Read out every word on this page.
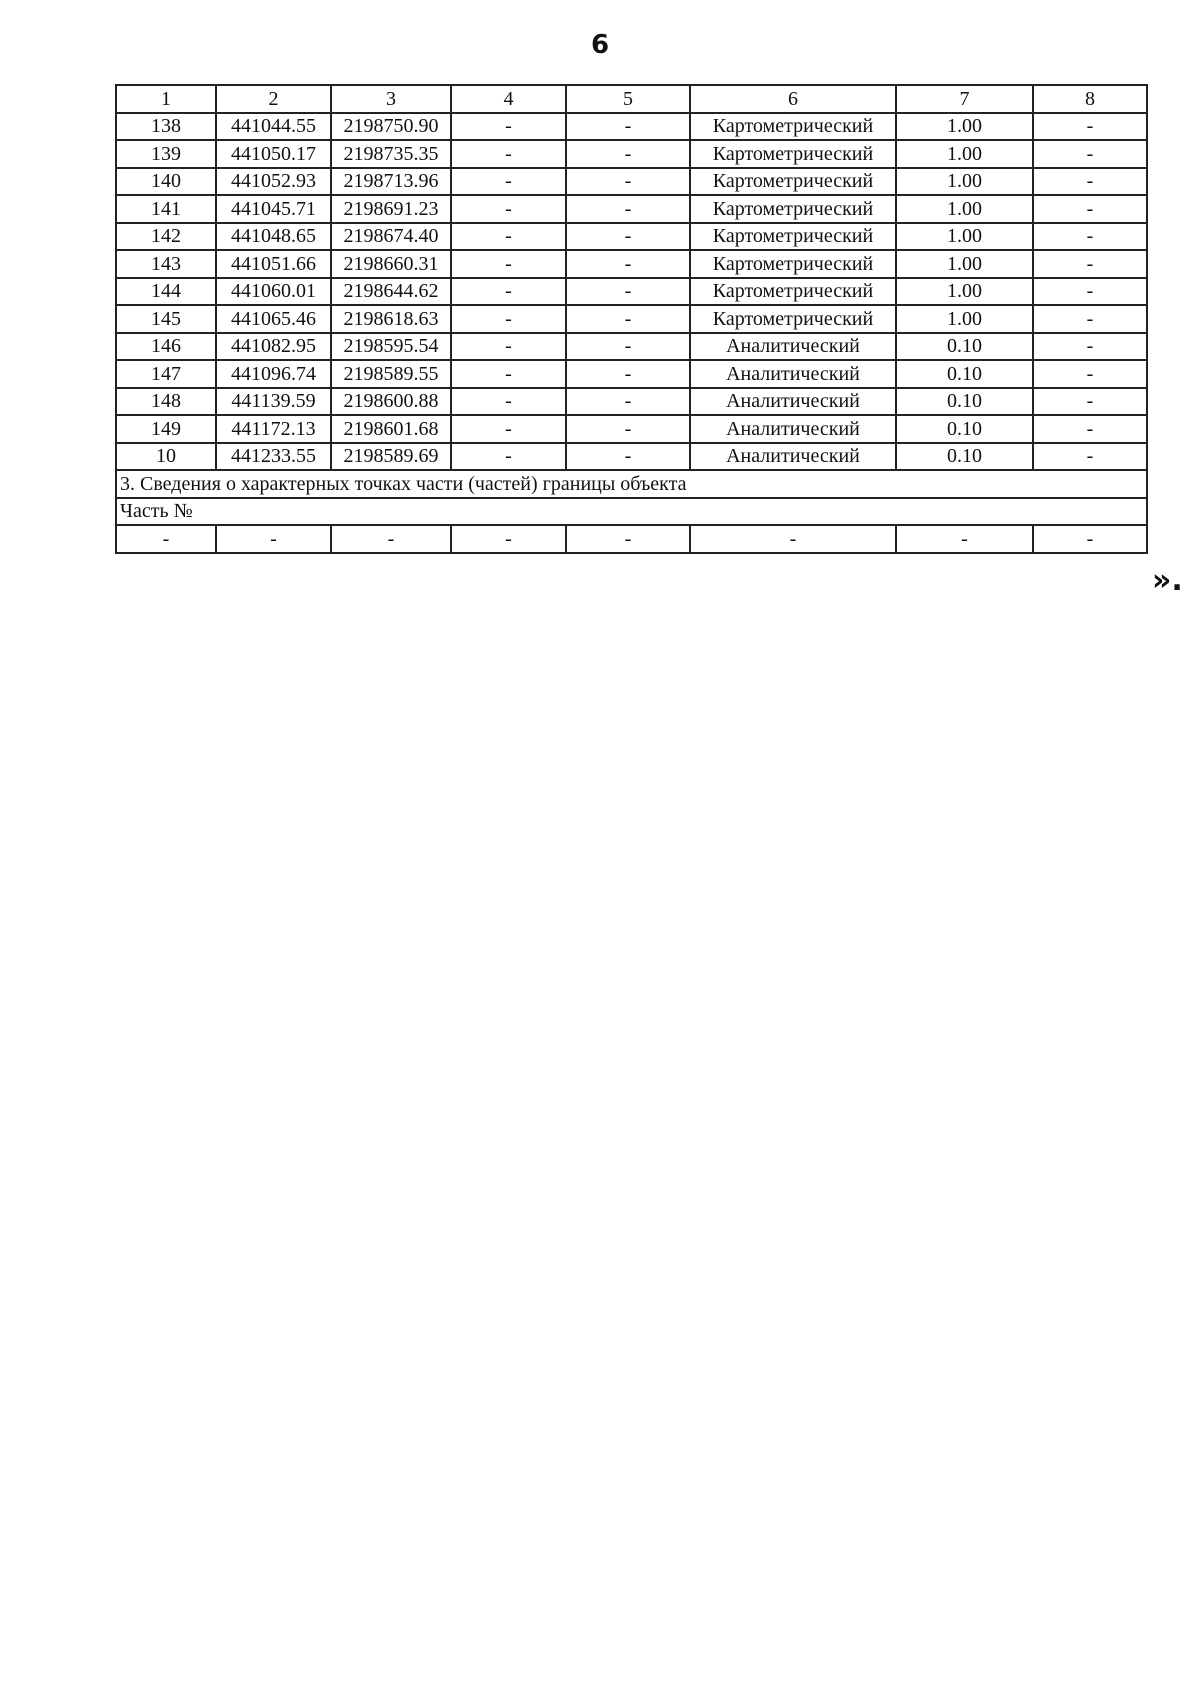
6
1	2	3	4	5	6	7	8
138	441044.55	2198750.90	-	-	Картометрический	1.00	-
139	441050.17	2198735.35	-	-	Картометрический	1.00	-
140	441052.93	2198713.96	-	-	Картометрический	1.00	-
141	441045.71	2198691.23	-	-	Картометрический	1.00	-
142	441048.65	2198674.40	-	-	Картометрический	1.00	-
143	441051.66	2198660.31	-	-	Картометрический	1.00	-
144	441060.01	2198644.62	-	-	Картометрический	1.00	-
145	441065.46	2198618.63	-	-	Картометрический	1.00	-
146	441082.95	2198595.54	-	-	Аналитический	0.10	-
147	441096.74	2198589.55	-	-	Аналитический	0.10	-
148	441139.59	2198600.88	-	-	Аналитический	0.10	-
149	441172.13	2198601.68	-	-	Аналитический	0.10	-
10	441233.55	2198589.69	-	-	Аналитический	0.10	-
3. Сведения о характерных точках части (частей) границы объекта							
Часть №							
-	-	-	-	-	-	-	-
».
